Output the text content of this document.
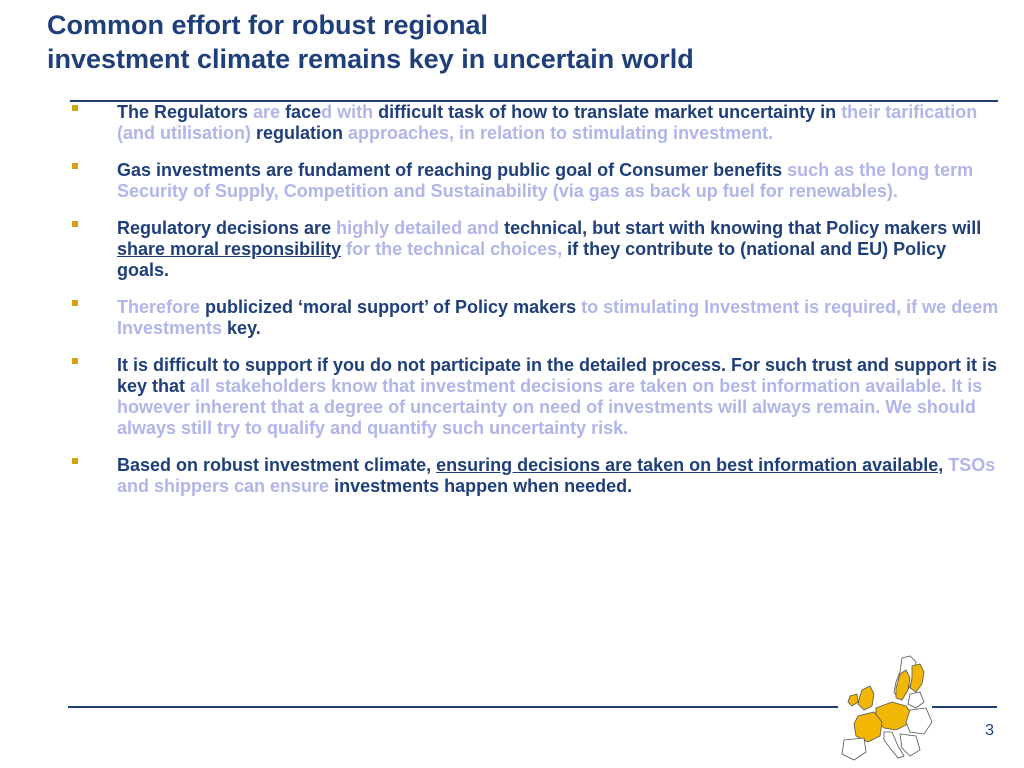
Common effort for robust regional
investment climate remains key in uncertain world
The Regulators are faced with difficult task of how to translate market uncertainty in their tarification (and utilisation) regulation approaches, in relation to stimulating investment.
Gas investments are fundament of reaching public goal of Consumer benefits such as the long term Security of Supply, Competition and Sustainability (via gas as back up fuel for renewables).
Regulatory decisions are highly detailed and technical, but start with knowing that Policy makers will share moral responsibility for the technical choices, if they contribute to (national and EU) Policy goals.
Therefore publicized ‘moral support’ of Policy makers to stimulating Investment is required, if we deem Investments key.
It is difficult to support if you do not participate in the detailed process. For such trust and support it is key that all stakeholders know that investment decisions are taken on best information available. It is however inherent that a degree of uncertainty on need of investments will always remain. We should always still try to qualify and quantify such uncertainty risk.
Based on robust investment climate, ensuring decisions are taken on best information available, TSOs and shippers can ensure investments happen when needed.
3
